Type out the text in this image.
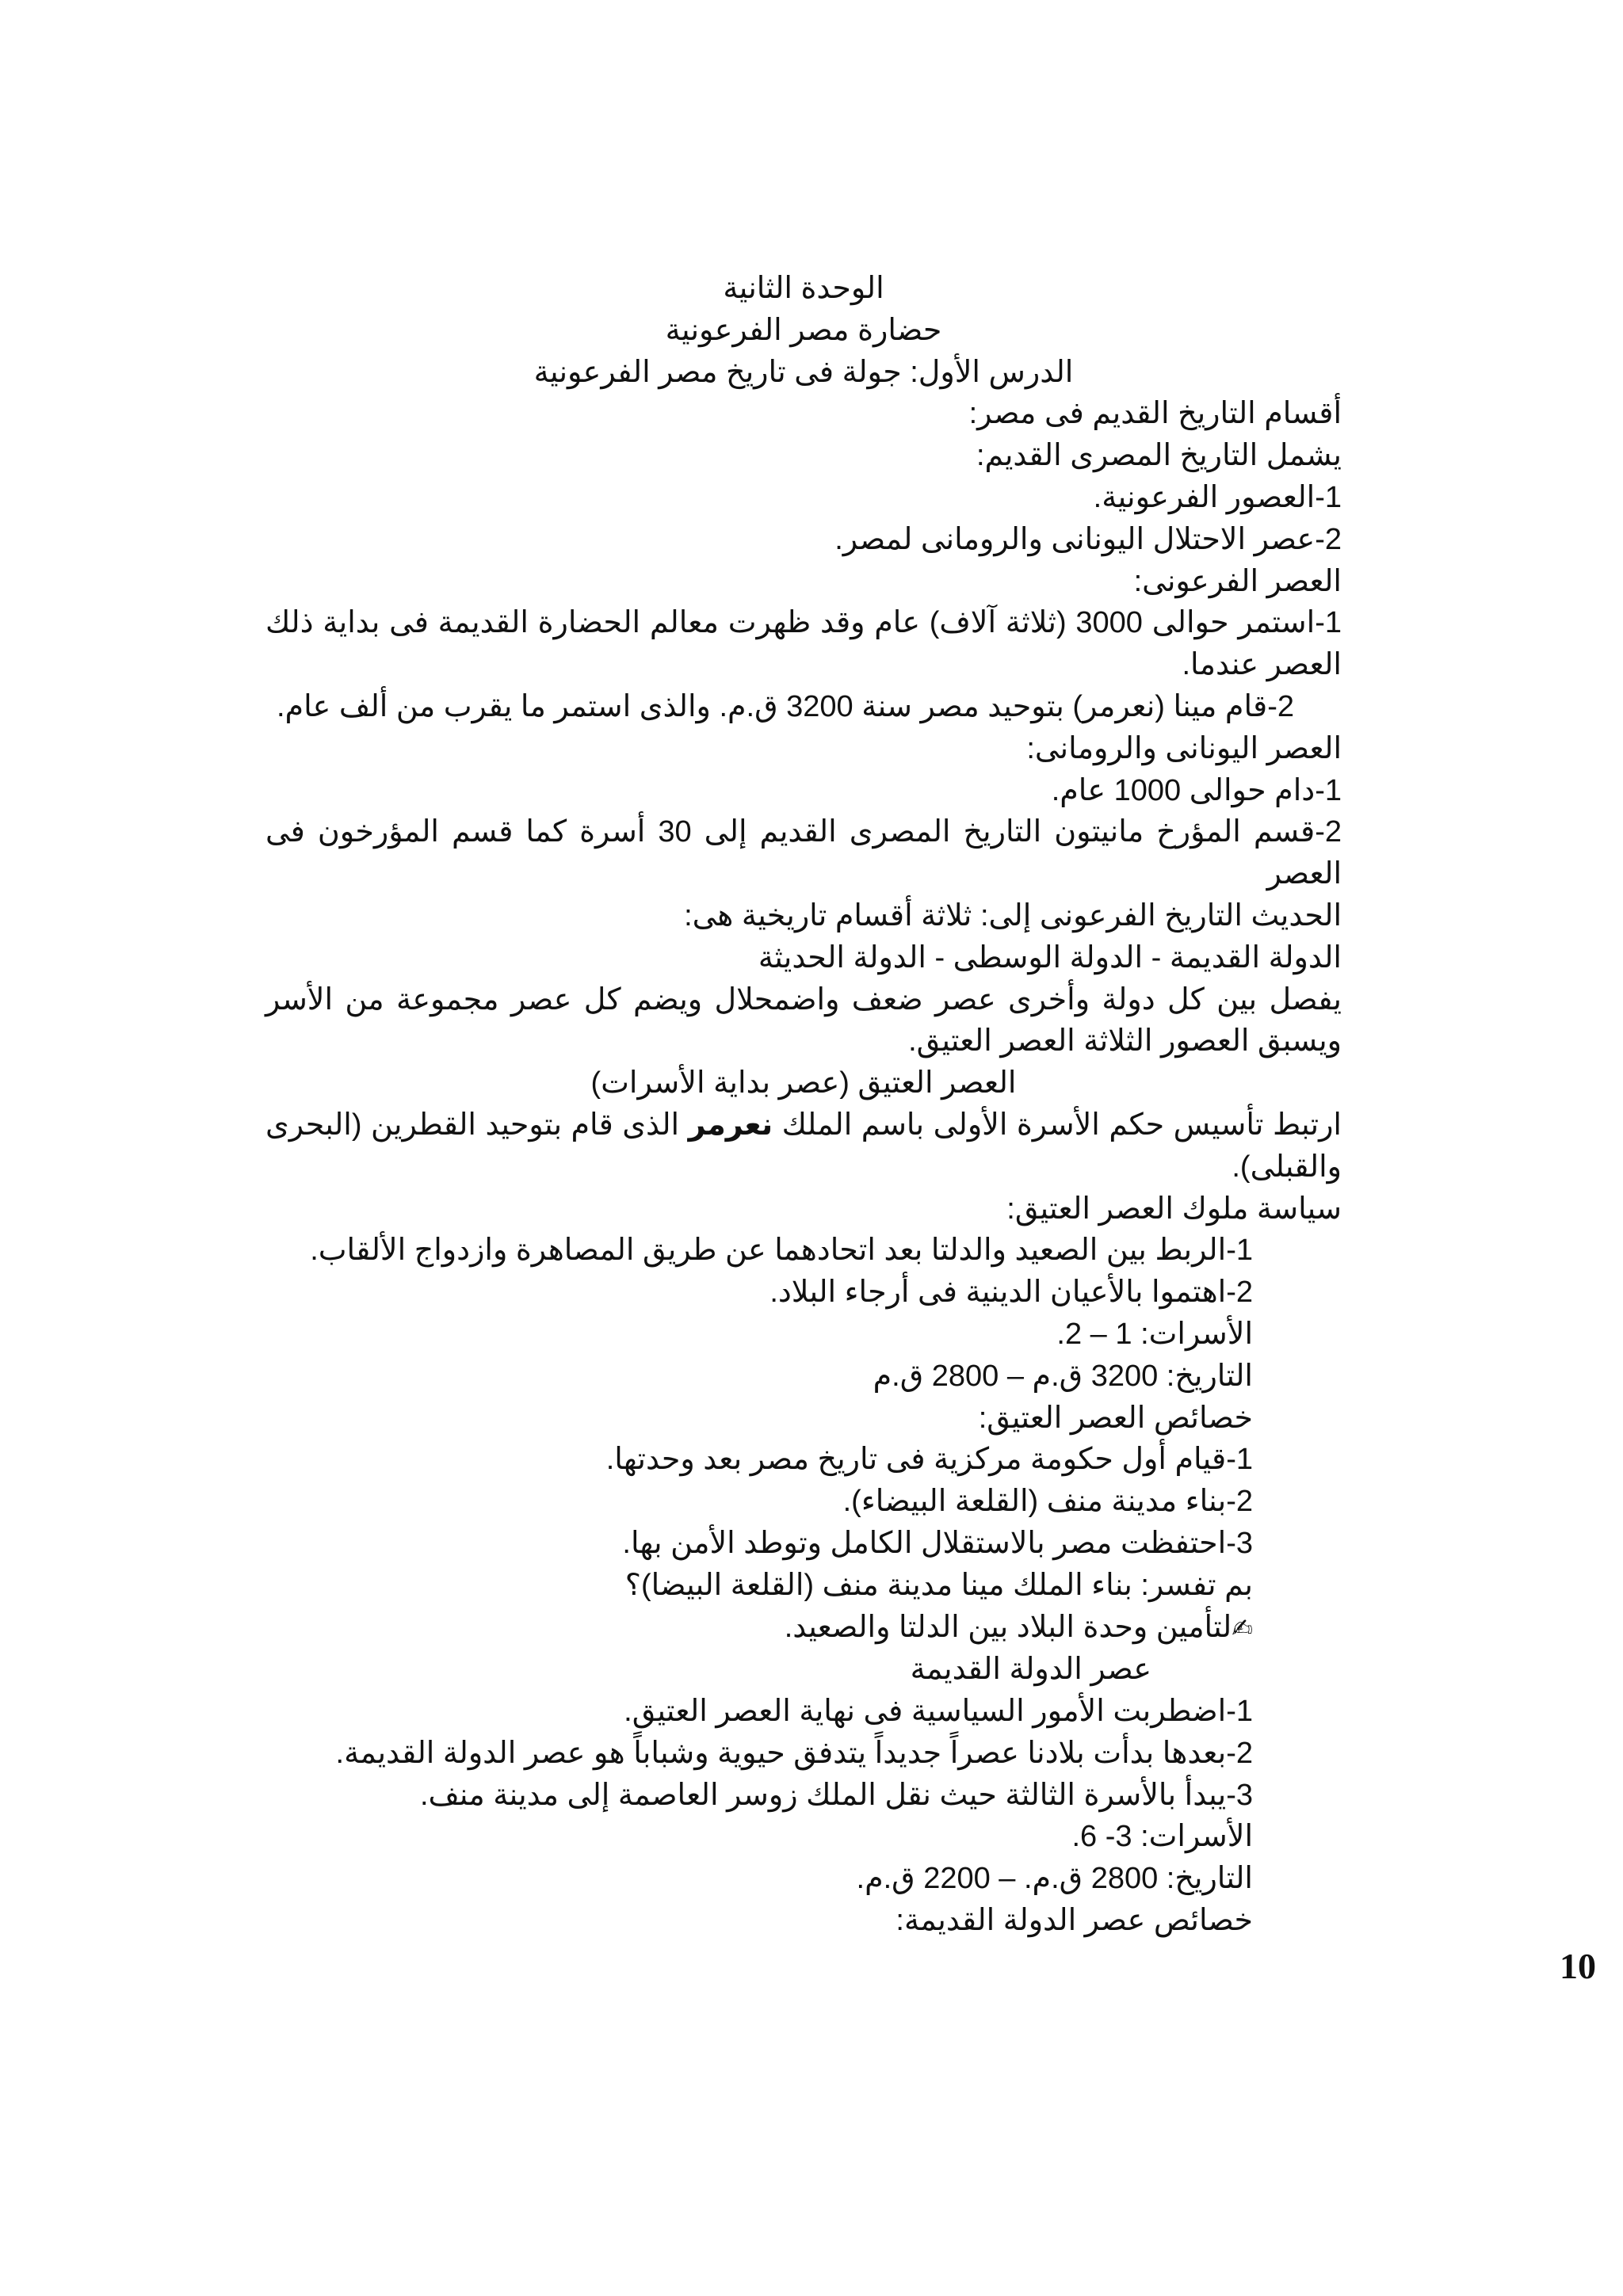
الوحدة الثانية
حضارة مصر الفرعونية
الدرس الأول: جولة فى تاريخ مصر الفرعونية
أقسام التاريخ القديم فى مصر:
يشمل التاريخ المصرى القديم:
1-العصور الفرعونية.
2-عصر الاحتلال اليونانى والرومانى لمصر.
العصر الفرعونى:
1-استمر حوالى 3000 (ثلاثة آلاف) عام وقد ظهرت معالم الحضارة القديمة فى بداية ذلك
العصر عندما.
2-قام مينا (نعرمر) بتوحيد مصر سنة 3200 ق.م. والذى استمر ما يقرب من ألف عام.
العصر اليونانى والرومانى:
1-دام حوالى 1000 عام.
2-قسم المؤرخ مانيتون التاريخ المصرى القديم إلى 30 أسرة كما قسم المؤرخون فى العصر
الحديث التاريخ الفرعونى إلى: ثلاثة أقسام تاريخية هى:
الدولة القديمة - الدولة الوسطى - الدولة الحديثة
يفصل بين كل دولة وأخرى عصر ضعف واضمحلال ويضم كل عصر مجموعة من الأسر
ويسبق العصور الثلاثة العصر العتيق.
العصر العتيق (عصر بداية الأسرات)
ارتبط تأسيس حكم الأسرة الأولى باسم الملك نعرمر الذى قام بتوحيد القطرين (البحرى
والقبلى).
سياسة ملوك العصر العتيق:
1-الربط بين الصعيد والدلتا بعد اتحادهما عن طريق المصاهرة وازدواج الألقاب.
2-اهتموا بالأعيان الدينية فى أرجاء البلاد.
الأسرات: 1 – 2.
التاريخ: 3200 ق.م – 2800 ق.م
خصائص العصر العتيق:
1-قيام أول حكومة مركزية فى تاريخ مصر بعد وحدتها.
2-بناء مدينة منف (القلعة البيضاء).
3-احتفظت مصر بالاستقلال الكامل وتوطد الأمن بها.
بم تفسر: بناء الملك مينا مدينة منف (القلعة البيضا)؟
✍لتأمين وحدة البلاد بين الدلتا والصعيد.
عصر الدولة القديمة
1-اضطربت الأمور السياسية فى نهاية العصر العتيق.
2-بعدها بدأت بلادنا عصراً جديداً يتدفق حيوية وشباباً هو عصر الدولة القديمة.
3-يبدأ بالأسرة الثالثة حيث نقل الملك زوسر العاصمة إلى مدينة منف.
الأسرات: 3- 6.
التاريخ: 2800 ق.م. – 2200 ق.م.
خصائص عصر الدولة القديمة:
10
